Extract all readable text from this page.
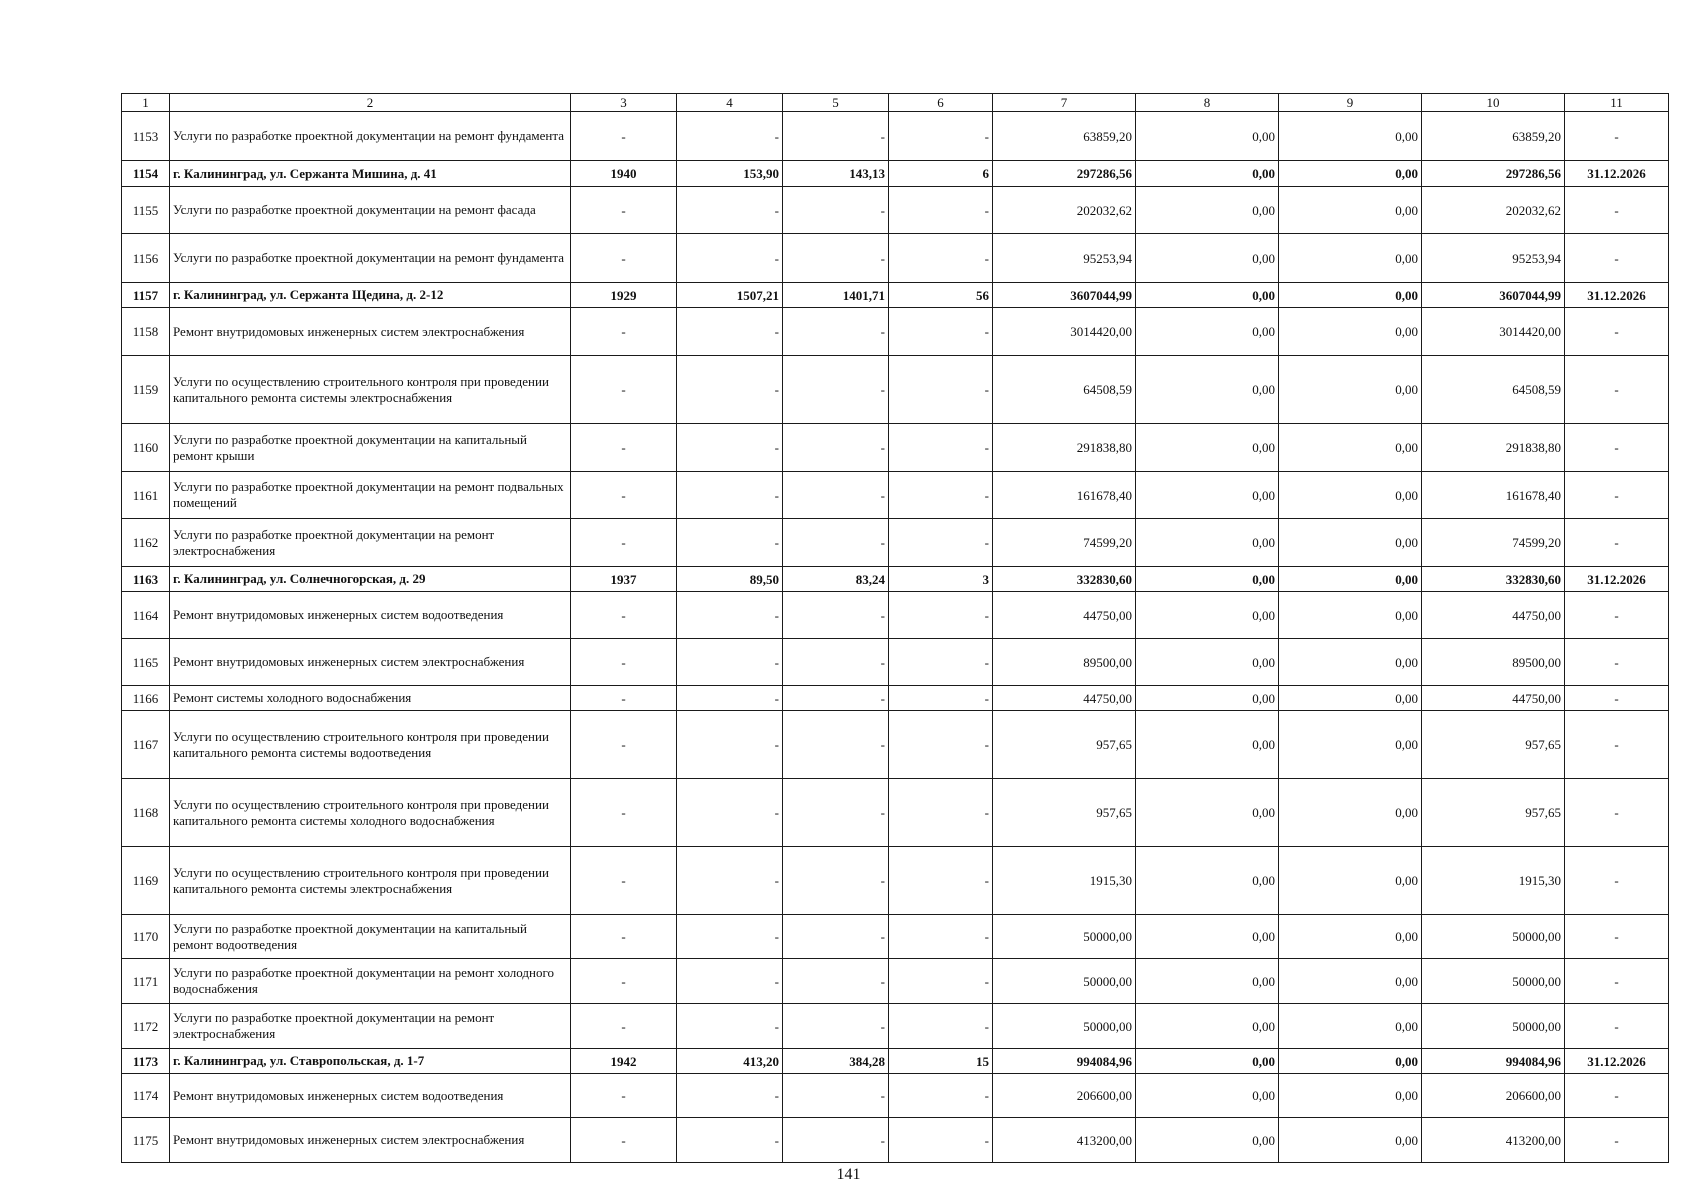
1	2	3	4	5	6	7	8	9	10	11
1153	Услуги по разработке проектной документации на ремонт фундамента	-	-	-	-	63859,20	0,00	0,00	63859,20	-
1154	г. Калининград, ул. Сержанта Мишина, д. 41	1940	153,90	143,13	6	297286,56	0,00	0,00	297286,56	31.12.2026
1155	Услуги по разработке проектной документации на ремонт фасада	-	-	-	-	202032,62	0,00	0,00	202032,62	-
1156	Услуги по разработке проектной документации на ремонт фундамента	-	-	-	-	95253,94	0,00	0,00	95253,94	-
1157	г. Калининград, ул. Сержанта Щедина, д. 2-12	1929	1507,21	1401,71	56	3607044,99	0,00	0,00	3607044,99	31.12.2026
1158	Ремонт внутридомовых инженерных систем электроснабжения	-	-	-	-	3014420,00	0,00	0,00	3014420,00	-
1159	Услуги по осуществлению строительного контроля при проведении капитального ремонта системы электроснабжения	-	-	-	-	64508,59	0,00	0,00	64508,59	-
1160	Услуги по разработке проектной документации на капитальный ремонт крыши	-	-	-	-	291838,80	0,00	0,00	291838,80	-
1161	Услуги по разработке проектной документации на ремонт подвальных помещений	-	-	-	-	161678,40	0,00	0,00	161678,40	-
1162	Услуги по разработке проектной документации на ремонт электроснабжения	-	-	-	-	74599,20	0,00	0,00	74599,20	-
1163	г. Калининград, ул. Солнечногорская, д. 29	1937	89,50	83,24	3	332830,60	0,00	0,00	332830,60	31.12.2026
1164	Ремонт внутридомовых инженерных систем водоотведения	-	-	-	-	44750,00	0,00	0,00	44750,00	-
1165	Ремонт внутридомовых инженерных систем электроснабжения	-	-	-	-	89500,00	0,00	0,00	89500,00	-
1166	Ремонт системы холодного водоснабжения	-	-	-	-	44750,00	0,00	0,00	44750,00	-
1167	Услуги по осуществлению строительного контроля при проведении капитального ремонта системы водоотведения	-	-	-	-	957,65	0,00	0,00	957,65	-
1168	Услуги по осуществлению строительного контроля при проведении капитального ремонта системы холодного водоснабжения	-	-	-	-	957,65	0,00	0,00	957,65	-
1169	Услуги по осуществлению строительного контроля при проведении капитального ремонта системы электроснабжения	-	-	-	-	1915,30	0,00	0,00	1915,30	-
1170	Услуги по разработке проектной документации на капитальный ремонт водоотведения	-	-	-	-	50000,00	0,00	0,00	50000,00	-
1171	Услуги по разработке проектной документации на ремонт холодного водоснабжения	-	-	-	-	50000,00	0,00	0,00	50000,00	-
1172	Услуги по разработке проектной документации на ремонт электроснабжения	-	-	-	-	50000,00	0,00	0,00	50000,00	-
1173	г. Калининград, ул. Ставропольская, д. 1-7	1942	413,20	384,28	15	994084,96	0,00	0,00	994084,96	31.12.2026
1174	Ремонт внутридомовых инженерных систем водоотведения	-	-	-	-	206600,00	0,00	0,00	206600,00	-
1175	Ремонт внутридомовых инженерных систем электроснабжения	-	-	-	-	413200,00	0,00	0,00	413200,00	-
141
